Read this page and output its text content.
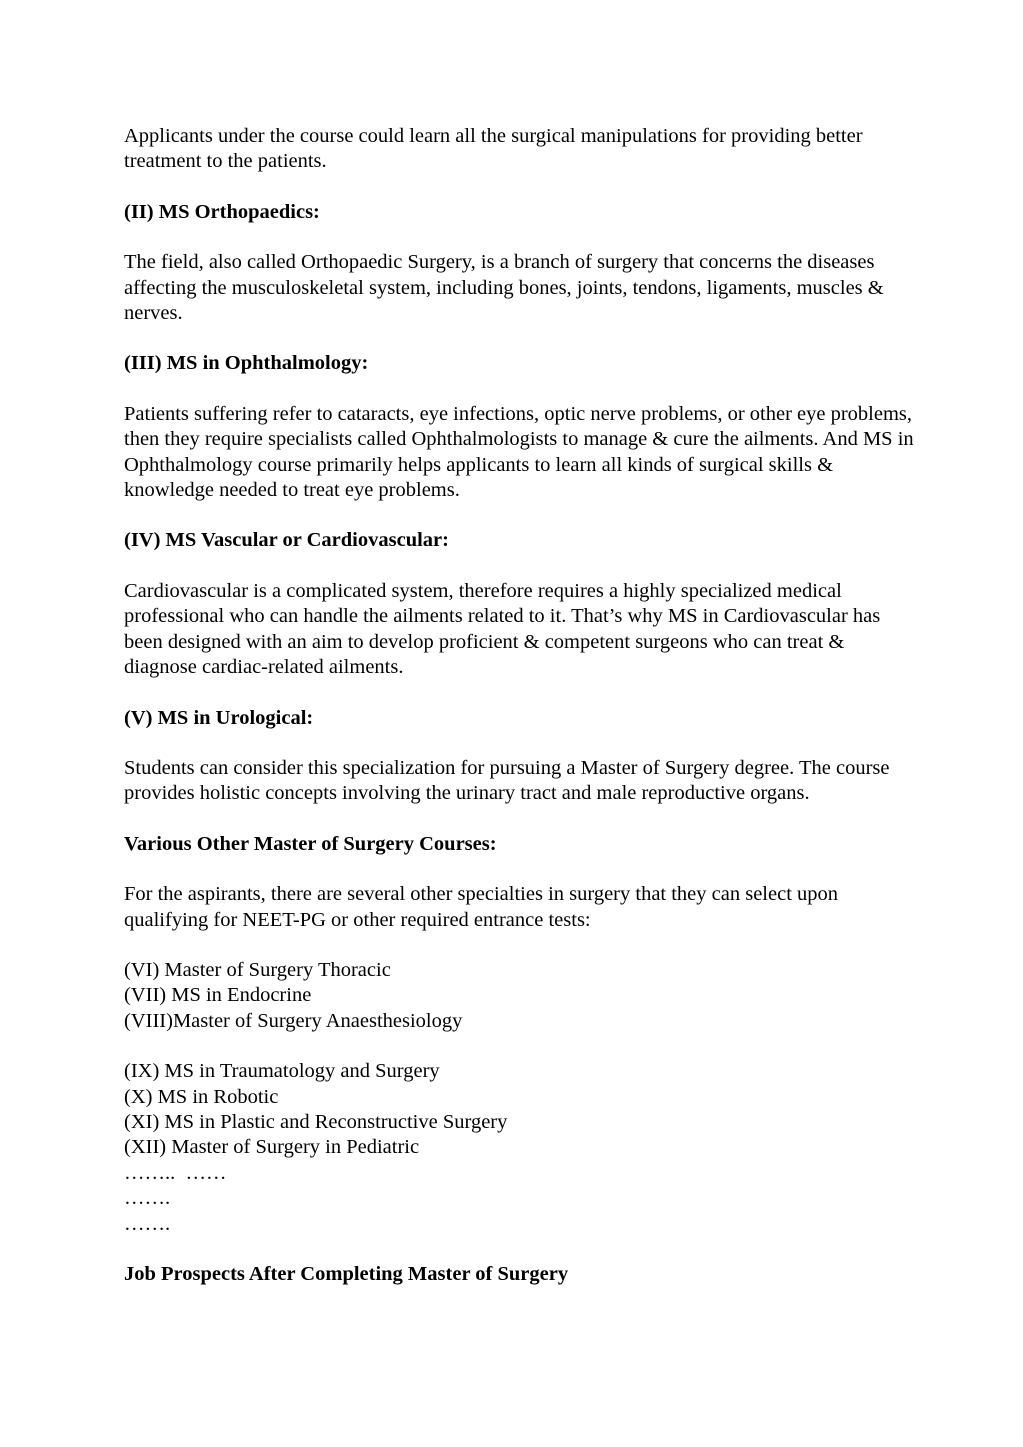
Applicants under the course could learn all the surgical manipulations for providing better treatment to the patients.

(II) MS Orthopaedics:

The field, also called Orthopaedic Surgery, is a branch of surgery that concerns the diseases affecting the musculoskeletal system, including bones, joints, tendons, ligaments, muscles & nerves.

(III) MS in Ophthalmology:

Patients suffering refer to cataracts, eye infections, optic nerve problems, or other eye problems, then they require specialists called Ophthalmologists to manage & cure the ailments. And MS in Ophthalmology course primarily helps applicants to learn all kinds of surgical skills & knowledge needed to treat eye problems.

(IV) MS Vascular or Cardiovascular:

Cardiovascular is a complicated system, therefore requires a highly specialized medical professional who can handle the ailments related to it. That’s why MS in Cardiovascular has been designed with an aim to develop proficient & competent surgeons who can treat & diagnose cardiac-related ailments.

(V) MS in Urological:

Students can consider this specialization for pursuing a Master of Surgery degree. The course provides holistic concepts involving the urinary tract and male reproductive organs.

Various Other Master of Surgery Courses:

For the aspirants, there are several other specialties in surgery that they can select upon qualifying for NEET-PG or other required entrance tests:

(VI) Master of Surgery Thoracic
(VII) MS in Endocrine
(VIII)Master of Surgery Anaesthesiology
(IX) MS in Traumatology and Surgery
(X) MS in Robotic
(XI) MS in Plastic and Reconstructive Surgery
(XII) Master of Surgery in Pediatric
……..  ……
…….
…….

Job Prospects After Completing Master of Surgery
